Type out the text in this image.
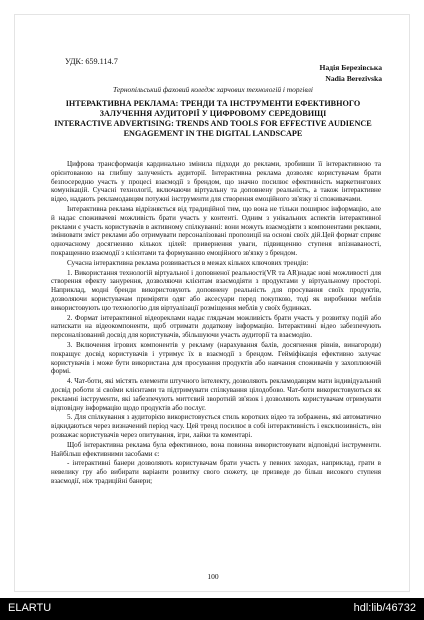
УДК: 659.114.7
Надія Березівська
Nadia Berezivska
Тернопільський фаховий коледж харчових технологій і торгівлі
ІНТЕРАКТИВНА РЕКЛАМА: ТРЕНДИ ТА ІНСТРУМЕНТИ ЕФЕКТИВНОГО ЗАЛУЧЕННЯ АУДИТОРІЇ У ЦИФРОВОМУ СЕРЕДОВИЩІ
INTERACTIVE ADVERTISING: TRENDS AND TOOLS FOR EFFECTIVE AUDIENCE ENGAGEMENT IN THE DIGITAL LANDSCAPE

Цифрова трансформація кардинально змінила підходи до реклами, зробивши її інтерактивною та орієнтованою на глибшу залученість аудиторії. Інтерактивна реклама дозволяє користувачам брати безпосередню участь у процесі взаємодії з брендом, що значно посилює ефективність маркетингових комунікацій. Сучасні технології, включаючи віртуальну та доповнену реальність, а також інтерактивне відео, надають рекламодавцям потужні інструменти для створення емоційного зв'язку зі споживачами.

Інтерактивна реклама відрізняється від традиційної тим, що вона не тільки поширює інформацію, але й надає споживачеві можливість брати участь у контенті. Одним з унікальних аспектів інтерактивної реклами є участь користувачів в активному спілкуванні: вони можуть взаємодіяти з компонентами реклами, змінювати зміст реклами або отримувати персоналізовані пропозиції на основі своїх дій.Цей формат сприяє одночасному досягненню кількох цілей: привернення уваги, підвищенню ступеня впізнаваності, покращенню взаємодії з клієнтами та формуванню емоційного зв'язку з брендом.

Сучасна інтерактивна реклама розвивається в межах кількох ключових трендів:

1. Використання технологій віртуальної і доповненої реальності(VR та AR)надає нові можливості для створення ефекту занурення, дозволяючи клієнтам взаємодіяти з продуктами у віртуальному просторі. Наприклад, модні бренди використовують доповнену реальність для просування своїх продуктів, дозволяючи користувачам приміряти одяг або аксесуари перед покупкою, тоді як виробники меблів використовують цю технологію для віртуалізації розміщення меблів у своїх будинках.

2. Формат інтерактивної відеореклами надає глядачам можливість брати участь у розвитку подій або натискати на відеокомпоненти, щоб отримати додаткову інформацію. Інтерактивні відео забезпечують персоналізований досвід для користувачів, збільшуючи участь аудиторії та взаємодію.

3. Включення ігрових компонентів у рекламу (нарахування балів, досягнення рівнів, винагороди) покращує досвід користувачів і утримує їх в взаємодії з брендом. Гейміфікація ефективно залучає користувачів і може бути використана для просування продуктів або навчання споживачів у захоплюючій формі.

4. Чат-боти, які містять елементи штучного інтелекту, дозволяють рекламодавцям мати індивідуальний досвід роботи зі своїми клієнтами та підтримувати спілкування цілодобово. Чат-боти використовуються як рекламні інструменти, які забезпечують миттєвий зворотній зв'язок і дозволяють користувачам отримувати відповідну інформацію щодо продуктів або послуг.

5. Для спілкування з аудиторією використовується стиль коротких відео та зображень, які автоматично відкидаються через визначений період часу. Цей тренд посилює в собі інтерактивність і ексклюзивність, він розважає користувачів через опитування, ігри, лайки та коментарі.

Щоб інтерактивна реклама була ефективною, вона повинна використовувати відповідні інструменти. Найбільш ефективними засобами є:

- інтерактивні банери дозволяють користувачам брати участь у певних заходах, наприклад, грати в невелику гру або вибирати варіанти розвитку свого сюжету, це призведе до більш високого ступеня взаємодії, ніж традиційні банери;

100
ELARTU	hdl:lib/46732
